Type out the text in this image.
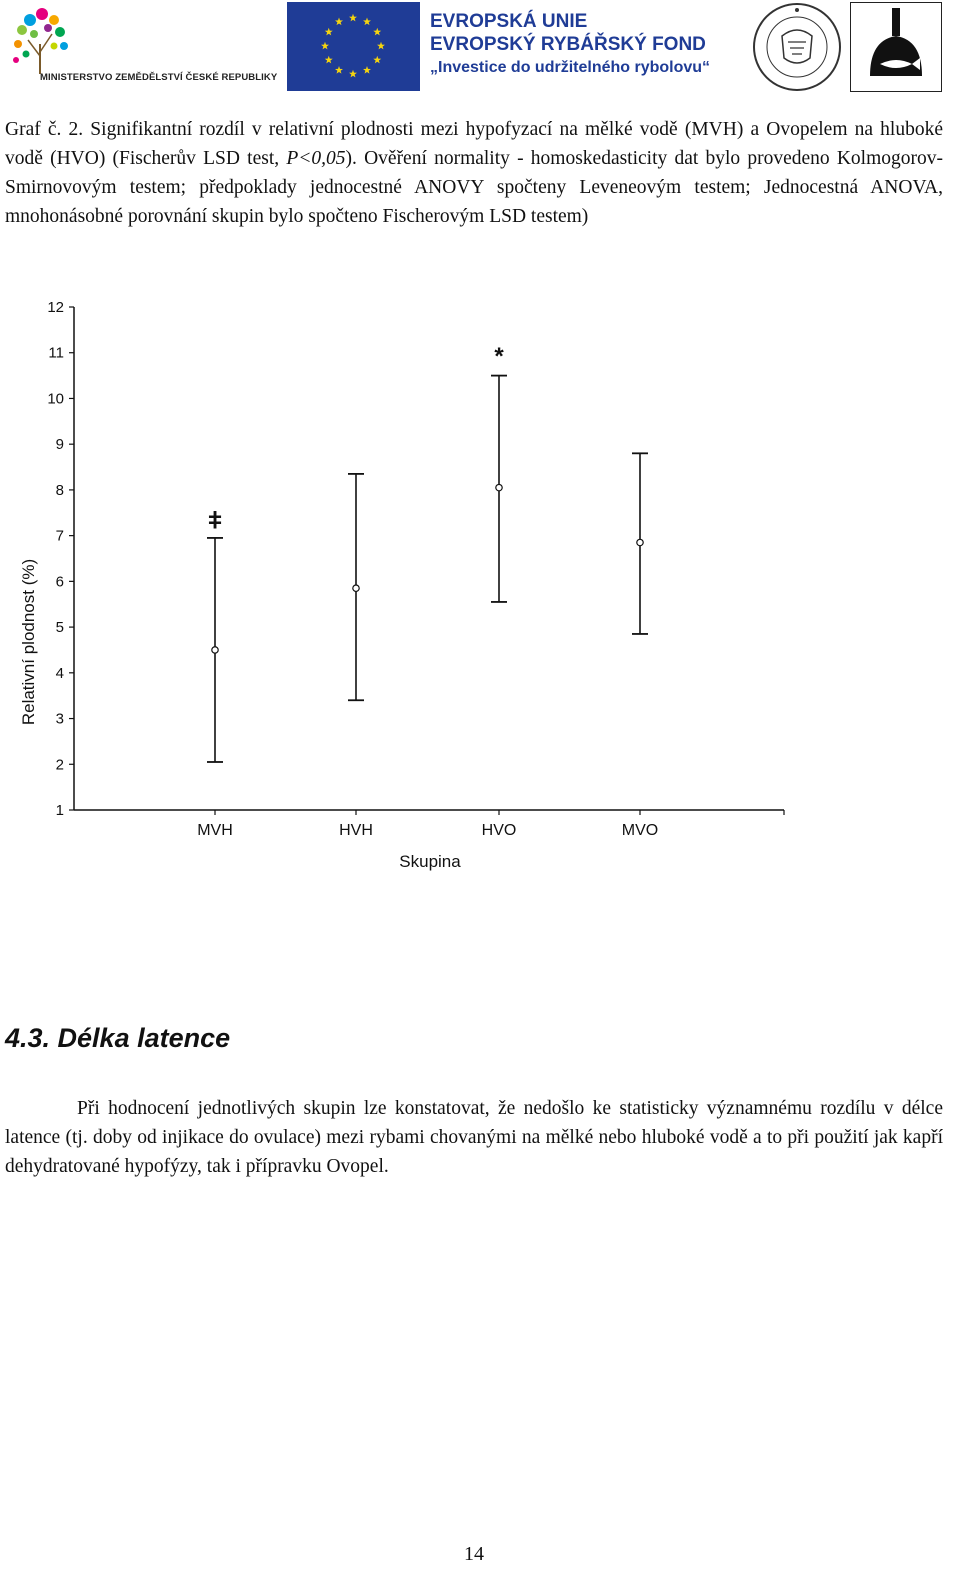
MINISTERSTVO ZEMĚDĚLSTVÍ ČESKÉ REPUBLIKY
EVROPSKÁ UNIE
EVROPSKÝ RYBÁŘSKÝ FOND
„Investice do udržitelného rybolovu“
Graf č. 2. Signifikantní rozdíl v relativní plodnosti mezi hypofyzací na mělké vodě (MVH) a Ovopelem na hluboké vodě (HVO) (Fischerův LSD test, P<0,05). Ověření normality - homoskedasticity dat bylo provedeno Kolmogorov-Smirnovovým testem; předpoklady jednocestné ANOVY spočteny Leveneovým testem; Jednocestná ANOVA, mnohonásobné porovnání skupin bylo spočteno Fischerovým LSD testem)
1
2
3
4
5
6
7
8
9
10
11
12
MVH	HVH	HVO	MVO
ǂ
*
Relativní plodnost (%)
Skupina
4.3. Délka latence
Při hodnocení jednotlivých skupin lze konstatovat, že nedošlo ke statisticky významnému rozdílu v délce latence (tj. doby od injikace do ovulace) mezi rybami chovanými na mělké nebo hluboké vodě a to při použití jak kapří dehydratované hypofýzy, tak i přípravku Ovopel.
14
